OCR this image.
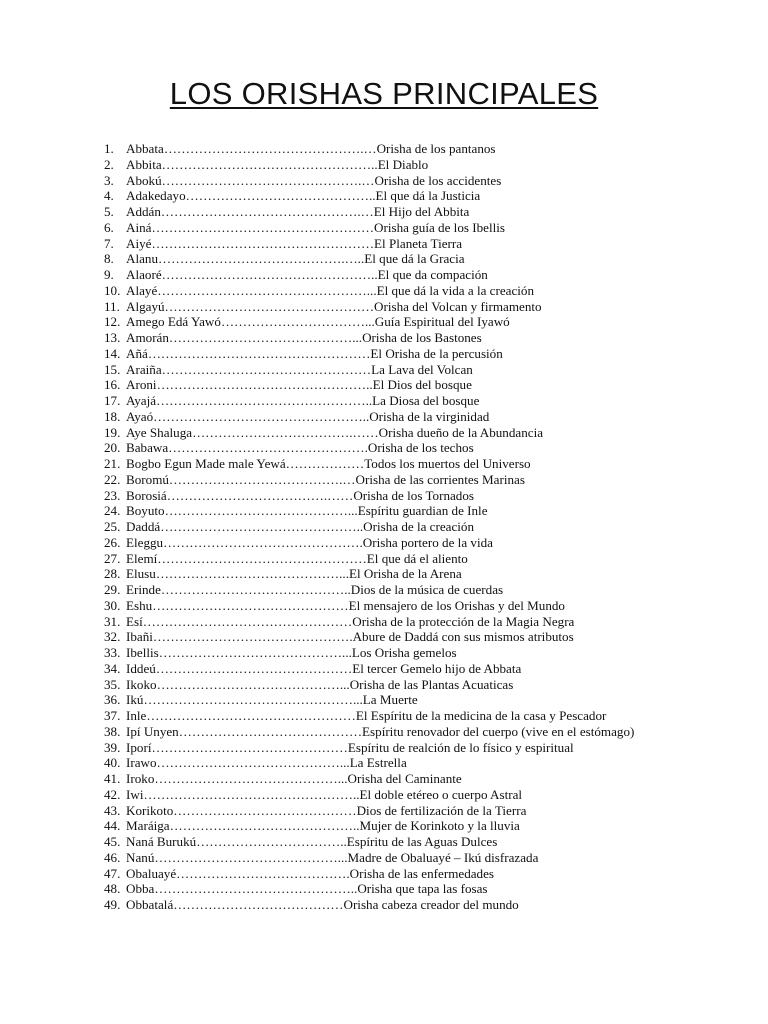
LOS ORISHAS PRINCIPALES
1. Abbata ……………………………………….… Orisha de los pantanos
2. Abbita ………………………………………….. El Diablo
3. Abokú ……………………………………….… Orisha de los accidentes
4. Adakedayo …………………………………….. El que dá la Justicia
5. Addán ……………………………………….… El Hijo del Abbita
6. Ainá …………………………………………… Orisha guía de los Ibellis
7. Aiyé …………………………………………… El Planeta Tierra
8. Alanu …………………………………….….. El que dá la Gracia
9. Alaoré ………………………………………….. El que da compación
10. Alayé …………………………………………... El que dá la vida a la creación
11. Algayú ………………………………………… Orisha del Volcan y firmamento
12. Amego Edá Yawó ……………………………... Guía Espiritual del Iyawó
13. Amorán ……………………………………... Orisha de los Bastones
14. Añá …………………………………………… El Orisha de la percusión
15. Araiña ………………………………………… La Lava del Volcan
16. Aroni ………………………………………….. El Dios del bosque
17. Ayajá ………………………………………….. La Diosa del bosque
18. Ayaó ………………………………………….. Orisha de la virginidad
19. Aye Shaluga ……………………………….…… Orisha dueño de la Abundancia
20. Babawa ………………………………………. Orisha de los techos
21. Bogbo Egun Made male Yewá ……………… Todos los muertos del Universo
22. Boromú ………………………………….… Orisha de las corrientes Marinas
23. Borosiá ……………………………….…… Orisha de los Tornados
24. Boyuto ……………………………………... Espíritu guardian de Inle
25. Daddá ……………………………………….. Orisha de la creación
26. Eleggu ………………………………………. Orisha portero de la vida
27. Elemí ………………………………………… El que dá el aliento
28. Elusu ……………………………………... El Orisha de la Arena
29. Erinde …………………………………….. Dios de la música de cuerdas
30. Eshu ……………………………………… El mensajero de los Orishas y del Mundo
31. Esí ………………………………………… Orisha de la protección de la Magia Negra
32. Ibañi ………………………………………. Abure de Daddá con sus mismos atributos
33. Ibellis ……………………………………... Los Orisha gemelos
34. Iddeú ……………………………………… El tercer Gemelo hijo de Abbata
35. Ikoko ……………………………………... Orisha de las Plantas Acuaticas
36. Ikú …………………………………………... La Muerte
37. Inle ………………………………………… El Espíritu de la medicina de la casa y Pescador
38. Ipí Unyen …………………………………… Espíritu renovador del cuerpo (vive en el estómago)
39. Iporí ……………………………………… Espíritu de realción de lo físico y espiritual
40. Irawo ……………………………………... La Estrella
41. Iroko ……………………………………... Orisha del Caminante
42. Iwi ………………………………………….. El doble etéreo o cuerpo Astral
43. Korikoto …………………………………… Dios de fertilización de la Tierra
44. Maráiga …………………………………….. Mujer de Korinkoto y la lluvia
45. Naná Burukú …………………………….. Espíritu de las Aguas Dulces
46. Nanú ……………………………………... Madre de Obaluayé – Ikú disfrazada
47. Obaluayé …………………………………. Orisha de las enfermedades
48. Obba ……………………………………….. Orisha que tapa las fosas
49. Obbatalá ………………………………… Orisha cabeza creador del mundo
